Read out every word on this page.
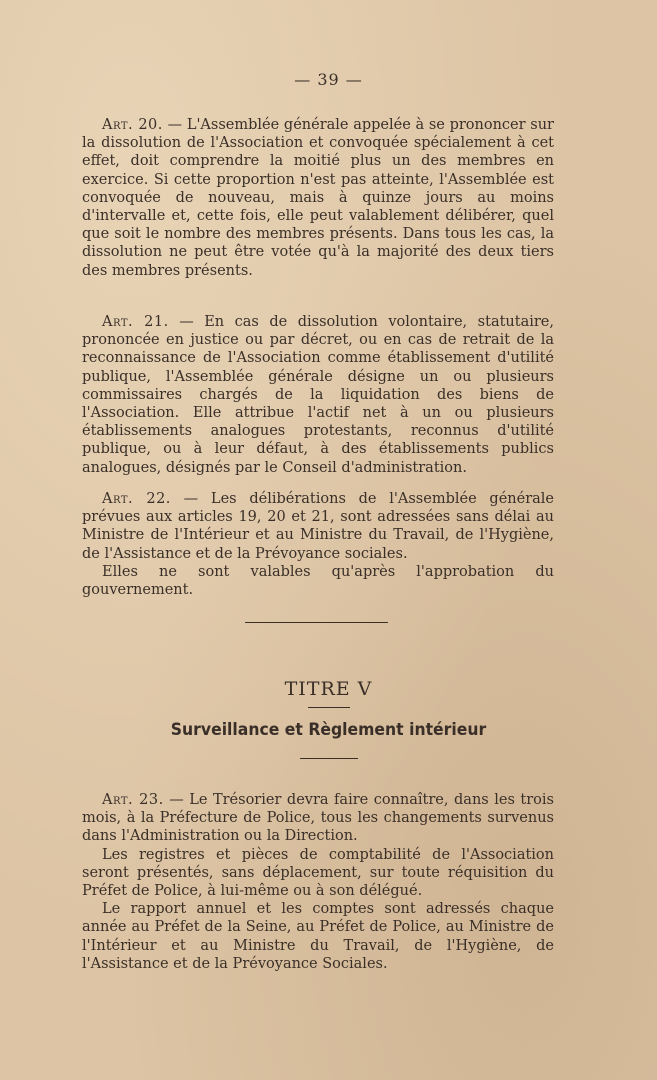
— 39 —

Art. 20. — L'Assemblée générale appelée à se prononcer sur la dissolution de l'Association et convoquée spécialement à cet effet, doit comprendre la moitié plus un des membres en exercice. Si cette proportion n'est pas atteinte, l'Assemblée est convoquée de nouveau, mais à quinze jours au moins d'intervalle et, cette fois, elle peut valablement délibérer, quel que soit le nombre des membres présents. Dans tous les cas, la dissolution ne peut être votée qu'à la majorité des deux tiers des membres présents.

Art. 21. — En cas de dissolution volontaire, statutaire, prononcée en justice ou par décret, ou en cas de retrait de la reconnaissance de l'Association comme établissement d'utilité publique, l'Assemblée générale désigne un ou plusieurs commissaires chargés de la liquidation des biens de l'Association. Elle attribue l'actif net à un ou plusieurs établissements analogues protestants, reconnus d'utilité publique, ou à leur défaut, à des établissements publics analogues, désignés par le Conseil d'administration.

Art. 22. — Les délibérations de l'Assemblée générale prévues aux articles 19, 20 et 21, sont adressées sans délai au Ministre de l'Intérieur et au Ministre du Travail, de l'Hygiène, de l'Assistance et de la Prévoyance sociales.

Elles ne sont valables qu'après l'approbation du gouvernement.

TITRE V
Surveillance et Règlement intérieur

Art. 23. — Le Trésorier devra faire connaître, dans les trois mois, à la Préfecture de Police, tous les changements survenus dans l'Administration ou la Direction.

Les registres et pièces de comptabilité de l'Association seront présentés, sans déplacement, sur toute réquisition du Préfet de Police, à lui-même ou à son délégué.

Le rapport annuel et les comptes sont adressés chaque année au Préfet de la Seine, au Préfet de Police, au Ministre de l'Intérieur et au Ministre du Travail, de l'Hygiène, de l'Assistance et de la Prévoyance Sociales.
